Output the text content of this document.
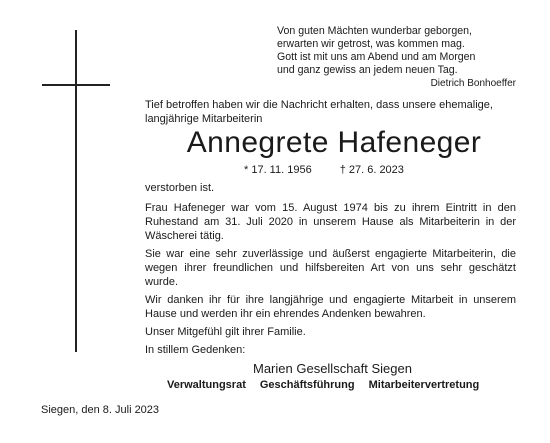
Von guten Mächten wunderbar geborgen,
erwarten wir getrost, was kommen mag.
Gott ist mit uns am Abend und am Morgen
und ganz gewiss an jedem neuen Tag.
Dietrich Bonhoeffer
Tief betroffen haben wir die Nachricht erhalten, dass unsere ehemalige, langjährige Mitarbeiterin
Annegrete Hafeneger
* 17. 11. 1956	† 27. 6. 2023

verstorben ist.

Frau Hafeneger war vom 15. August 1974 bis zu ihrem Eintritt in den Ruhestand am 31. Juli 2020 in unserem Hause als Mitarbeiterin in der Wäscherei tätig.

Sie war eine sehr zuverlässige und äußerst engagierte Mitarbeiterin, die wegen ihrer freundlichen und hilfsbereiten Art von uns sehr geschätzt wurde.

Wir danken ihr für ihre langjährige und engagierte Mitarbeit in unserem Hause und werden ihr ein ehrendes Andenken bewahren.

Unser Mitgefühl gilt ihrer Familie.

In stillem Gedenken:

Marien Gesellschaft Siegen
Verwaltungsrat Geschäftsführung Mitarbeitervertretung
Siegen, den 8. Juli 2023
